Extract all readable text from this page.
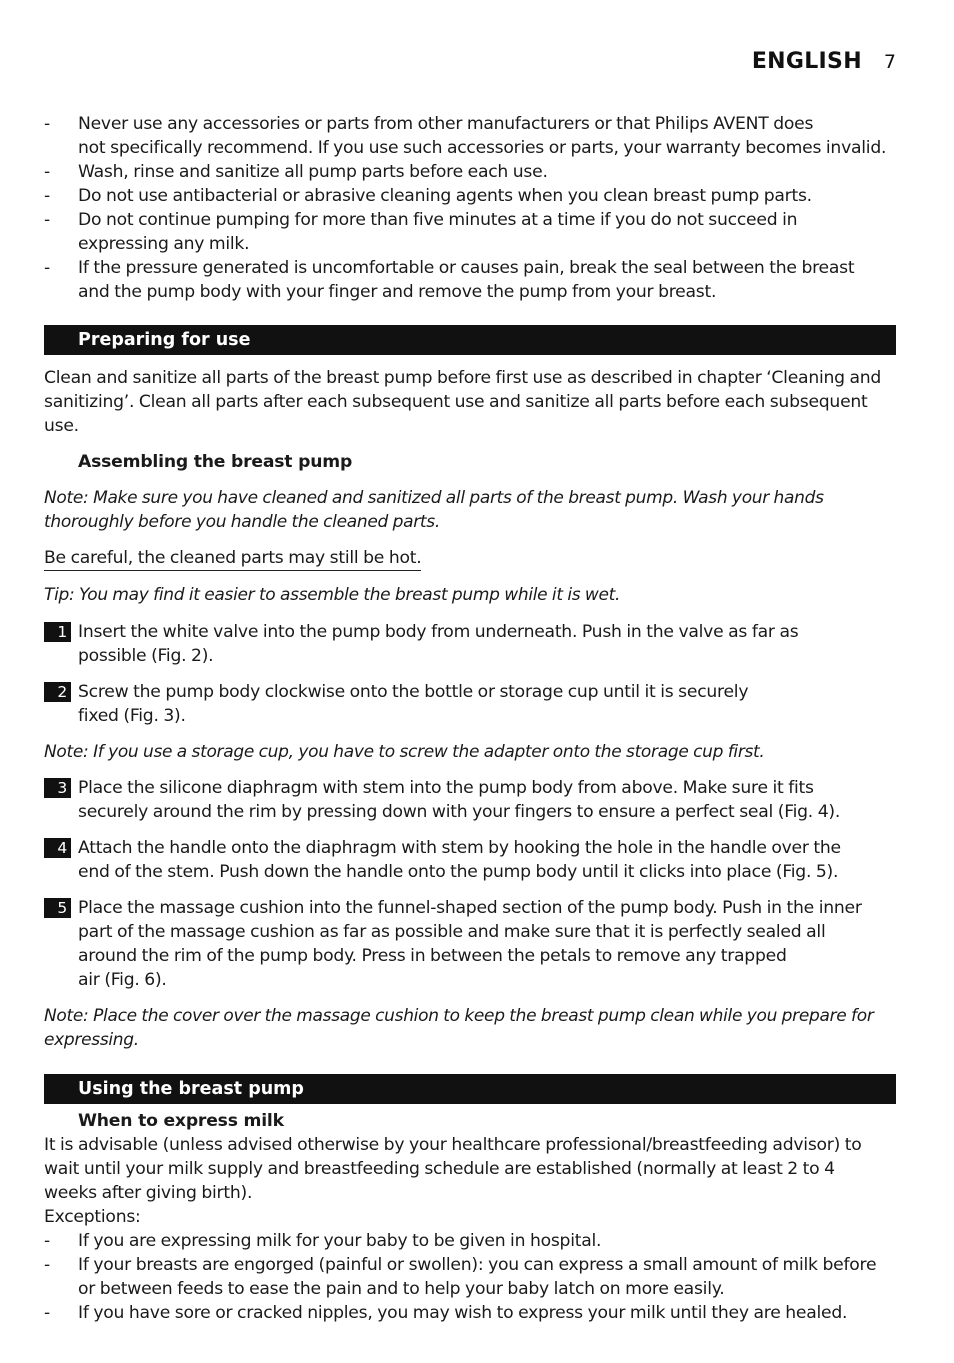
ENGLISH 7
-	Never use any accessories or parts from other manufacturers or that Philips AVENT does
not specifically recommend. If you use such accessories or parts, your warranty becomes invalid.
-	Wash, rinse and sanitize all pump parts before each use.
-	Do not use antibacterial or abrasive cleaning agents when you clean breast pump parts.
-	Do not continue pumping for more than five minutes at a time if you do not succeed in
expressing any milk.
-	If the pressure generated is uncomfortable or causes pain, break the seal between the breast
and the pump body with your finger and remove the pump from your breast.
Preparing for use
Clean and sanitize all parts of the breast pump before first use as described in chapter ‘Cleaning and
sanitizing’. Clean all parts after each subsequent use and sanitize all parts before each subsequent
use.
Assembling the breast pump
Note: Make sure you have cleaned and sanitized all parts of the breast pump. Wash your hands
thoroughly before you handle the cleaned parts.
Be careful, the cleaned parts may still be hot.
Tip: You may find it easier to assemble the breast pump while it is wet.
1 Insert the white valve into the pump body from underneath. Push in the valve as far as
possible (Fig. 2).
2 Screw the pump body clockwise onto the bottle or storage cup until it is securely
fixed (Fig. 3).
Note: If you use a storage cup, you have to screw the adapter onto the storage cup first.
3 Place the silicone diaphragm with stem into the pump body from above. Make sure it fits
securely around the rim by pressing down with your fingers to ensure a perfect seal (Fig. 4).
4 Attach the handle onto the diaphragm with stem by hooking the hole in the handle over the
end of the stem. Push down the handle onto the pump body until it clicks into place (Fig. 5).
5 Place the massage cushion into the funnel-shaped section of the pump body. Push in the inner
part of the massage cushion as far as possible and make sure that it is perfectly sealed all
around the rim of the pump body. Press in between the petals to remove any trapped
air (Fig. 6).
Note: Place the cover over the massage cushion to keep the breast pump clean while you prepare for
expressing.
Using the breast pump
When to express milk
It is advisable (unless advised otherwise by your healthcare professional/breastfeeding advisor) to
wait until your milk supply and breastfeeding schedule are established (normally at least 2 to 4
weeks after giving birth).
Exceptions:
-	If you are expressing milk for your baby to be given in hospital.
-	If your breasts are engorged (painful or swollen): you can express a small amount of milk before
or between feeds to ease the pain and to help your baby latch on more easily.
-	If you have sore or cracked nipples, you may wish to express your milk until they are healed.
